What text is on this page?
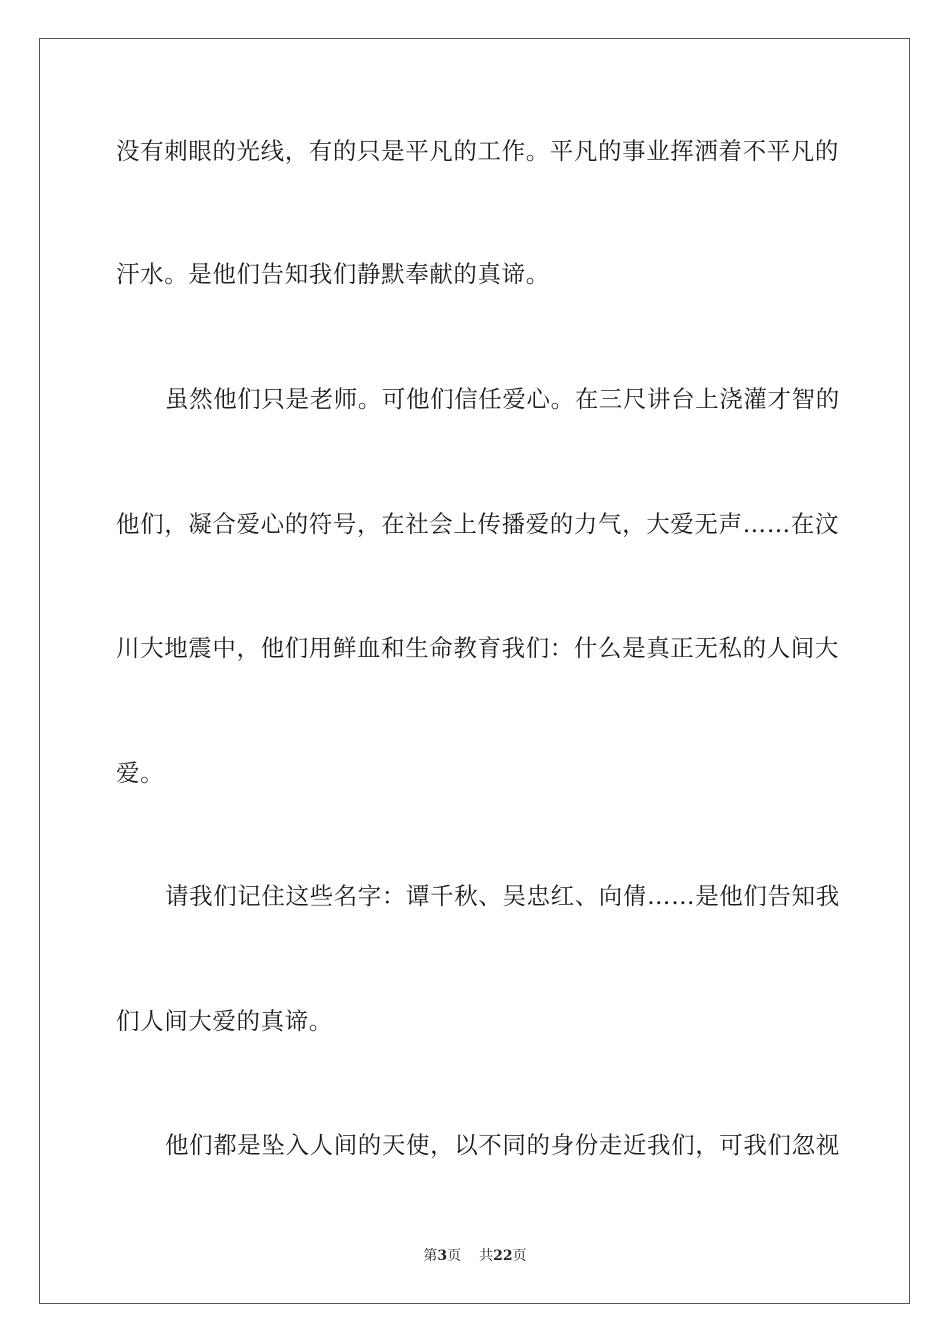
没有刺眼的光线，有的只是平凡的工作。平凡的事业挥洒着不平凡的
汗水。是他们告知我们静默奉献的真谛。
虽然他们只是老师。可他们信任爱心。在三尺讲台上浇灌才智的
他们，凝合爱心的符号，在社会上传播爱的力气，大爱无声……在汶
川大地震中，他们用鲜血和生命教育我们：什么是真正无私的人间大
爱。
请我们记住这些名字：谭千秋、吴忠红、向倩……是他们告知我
们人间大爱的真谛。
他们都是坠入人间的天使，以不同的身份走近我们，可我们忽视
第3页 共22页
